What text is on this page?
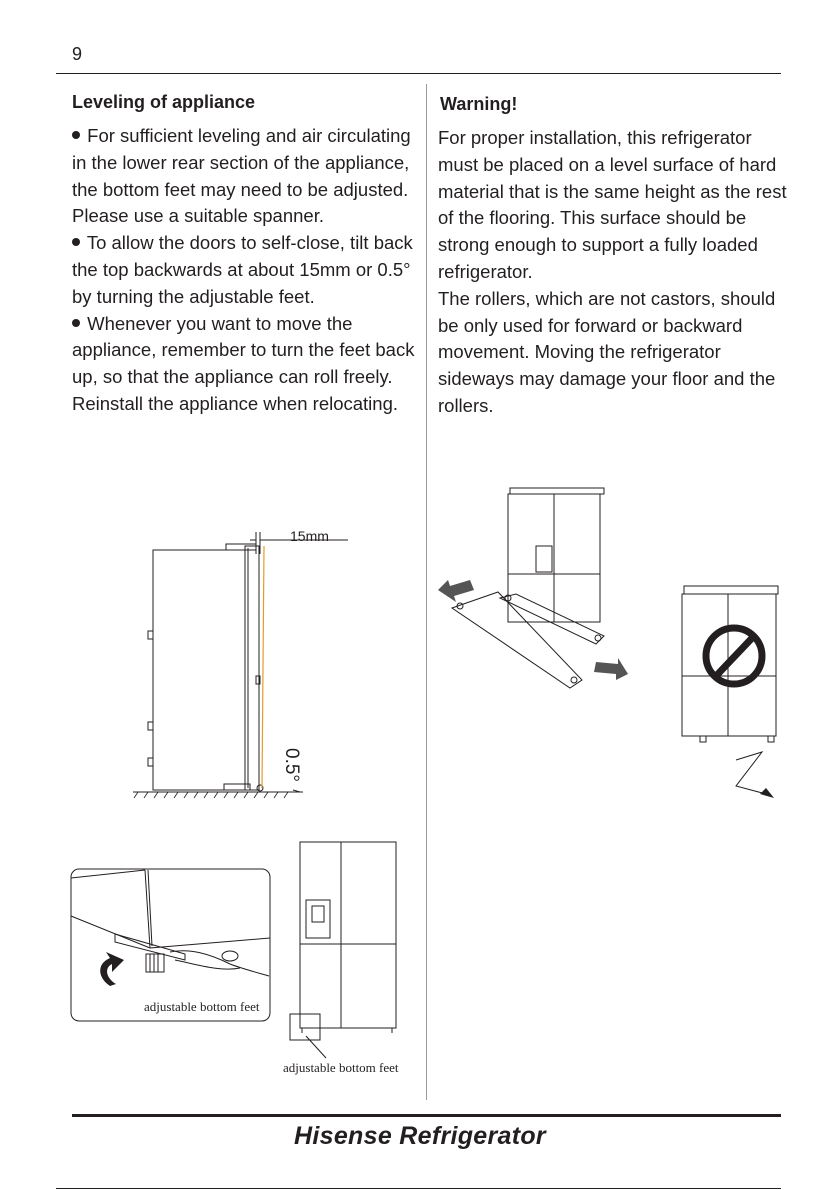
9
Leveling of appliance

For sufficient leveling and air circulating in the lower rear section of the appliance, the bottom feet may need to be adjusted. Please use a suitable spanner.

To allow the doors to self-close, tilt back the top backwards at about 15mm or 0.5° by turning the adjustable feet.

Whenever you want to move the appliance, remember to turn the feet back up, so that the appliance can roll freely. Reinstall the appliance when relocating.

15mm
0.5°
adjustable bottom feet
adjustable bottom feet
Warning!

For proper installation, this refrigerator must be placed on a level surface of hard material that is the same height as the rest of the flooring. This surface should be strong enough to support a fully loaded refrigerator.

The rollers, which are not castors, should be only used for forward or backward movement. Moving the refrigerator sideways may damage your floor and the rollers.

Hisense Refrigerator
